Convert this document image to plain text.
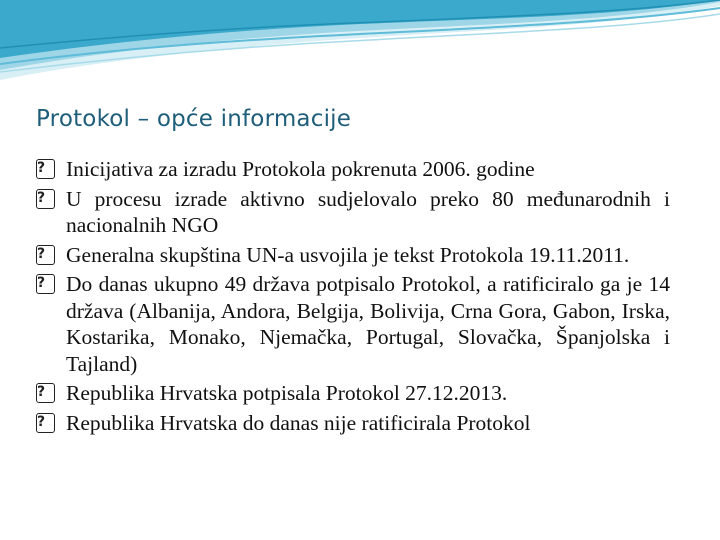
Protokol – opće informacije
? Inicijativa za izradu Protokola pokrenuta 2006. godine
? U procesu izrade aktivno sudjelovalo preko 80 međunarodnih i nacionalnih NGO
? Generalna skupština UN-a usvojila je tekst Protokola 19.11.2011.
? Do danas ukupno 49 država potpisalo Protokol, a ratificiralo ga je 14 država (Albanija, Andora, Belgija, Bolivija, Crna Gora, Gabon, Irska, Kostarika, Monako, Njemačka, Portugal, Slovačka, Španjolska i Tajland)
? Republika Hrvatska potpisala Protokol 27.12.2013.
? Republika Hrvatska do danas nije ratificirala Protokol
